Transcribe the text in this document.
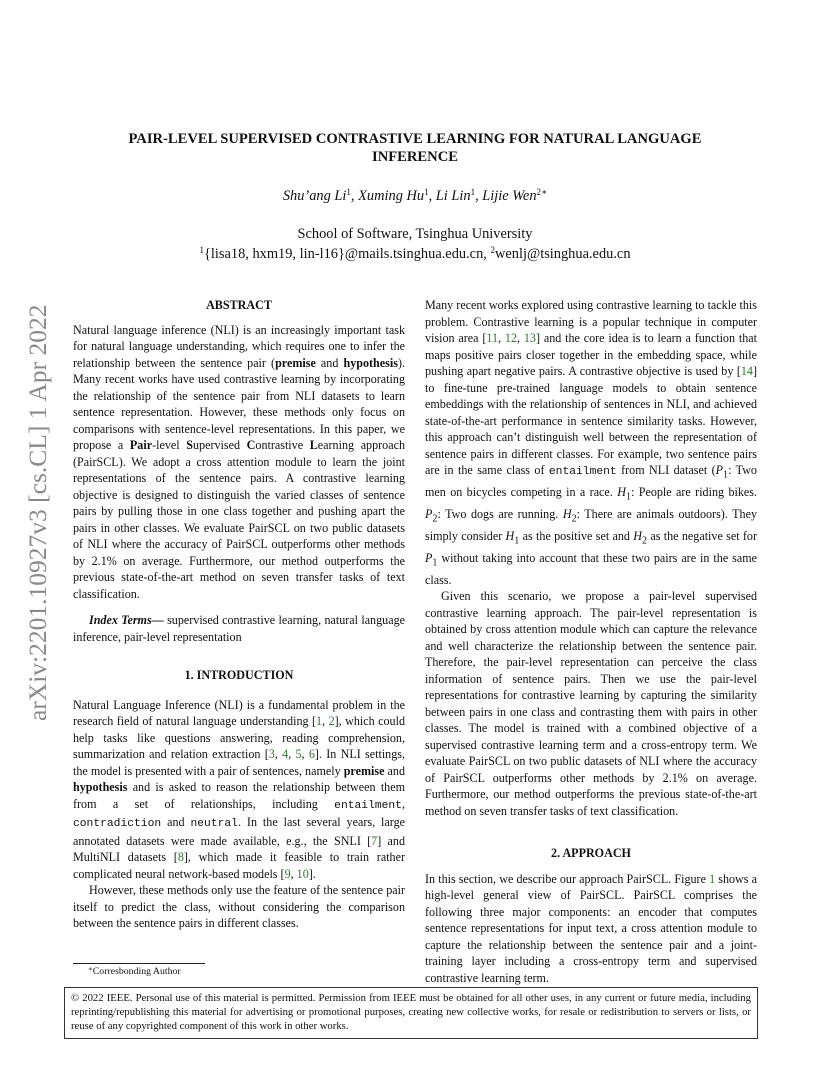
arXiv:2201.10927v3 [cs.CL] 1 Apr 2022
PAIR-LEVEL SUPERVISED CONTRASTIVE LEARNING FOR NATURAL LANGUAGE
INFERENCE
Shu’ang Li$^1$, Xuming Hu$^1$, Li Lin$^1$, Lijie Wen$^{2∗}$
School of Software, Tsinghua University
$^1${lisa18, hxm19, lin-l16}@mails.tsinghua.edu.cn, $^2$wenlj@tsinghua.edu.cn
ABSTRACT

Natural language inference (NLI) is an increasingly important task for natural language understanding, which requires one to infer the relationship between the sentence pair (premise and hypothesis). Many recent works have used contrastive learning by incorporating the relationship of the sentence pair from NLI datasets to learn sentence representation. However, these methods only focus on comparisons with sentence-level representations. In this paper, we propose a Pair-level Supervised Contrastive Learning approach (PairSCL). We adopt a cross attention module to learn the joint representations of the sentence pairs. A contrastive learning objective is designed to distinguish the varied classes of sentence pairs by pulling those in one class together and pushing apart the pairs in other classes. We evaluate PairSCL on two public datasets of NLI where the accuracy of PairSCL outperforms other methods by 2.1% on average. Furthermore, our method outperforms the previous state-of-the-art method on seven transfer tasks of text classification.

Index Terms— supervised contrastive learning, natural language inference, pair-level representation

1. INTRODUCTION

Natural Language Inference (NLI) is a fundamental problem in the research field of natural language understanding [1, 2], which could help tasks like questions answering, reading comprehension, summarization and relation extraction [3, 4, 5, 6]. In NLI settings, the model is presented with a pair of sentences, namely premise and hypothesis and is asked to reason the relationship between them from a set of relationships, including entailment, contradiction and neutral. In the last several years, large annotated datasets were made available, e.g., the SNLI [7] and MultiNLI datasets [8], which made it feasible to train rather complicated neural network-based models [9, 10].

However, these methods only use the feature of the sentence pair itself to predict the class, without considering the comparison between the sentence pairs in different classes.

Many recent works explored using contrastive learning to tackle this problem. Contrastive learning is a popular technique in computer vision area [11, 12, 13] and the core idea is to learn a function that maps positive pairs closer together in the embedding space, while pushing apart negative pairs. A contrastive objective is used by [14] to fine-tune pre-trained language models to obtain sentence embeddings with the relationship of sentences in NLI, and achieved state-of-the-art performance in sentence similarity tasks. However, this approach can’t distinguish well between the representation of sentence pairs in different classes. For example, two sentence pairs are in the same class of entailment from NLI dataset ($P_1$: Two men on bicycles competing in a race. $H_1$: People are riding bikes. $P_2$: Two dogs are running. $H_2$: There are animals outdoors). They simply consider $H_1$ as the positive set and $H_2$ as the negative set for $P_1$ without taking into account that these two pairs are in the same class.

Given this scenario, we propose a pair-level supervised contrastive learning approach. The pair-level representation is obtained by cross attention module which can capture the relevance and well characterize the relationship between the sentence pair. Therefore, the pair-level representation can perceive the class information of sentence pairs. Then we use the pair-level representations for contrastive learning by capturing the similarity between pairs in one class and contrasting them with pairs in other classes. The model is trained with a combined objective of a supervised contrastive learning term and a cross-entropy term. We evaluate PairSCL on two public datasets of NLI where the accuracy of PairSCL outperforms other methods by 2.1% on average. Furthermore, our method outperforms the previous state-of-the-art method on seven transfer tasks of text classification.

2. APPROACH

In this section, we describe our approach PairSCL. Figure 1 shows a high-level general view of PairSCL. PairSCL comprises the following three major components: an encoder that computes sentence representations for input text, a cross attention module to capture the relationship between the sentence pair and a joint-training layer including a cross-entropy term and supervised contrastive learning term.

∗Corresbonding Author
© 2022 IEEE. Personal use of this material is permitted. Permission from IEEE must be obtained for all other uses, in any current or future media, including reprinting/republishing this material for advertising or promotional purposes, creating new collective works, for resale or redistribution to servers or lists, or reuse of any copyrighted component of this work in other works.
